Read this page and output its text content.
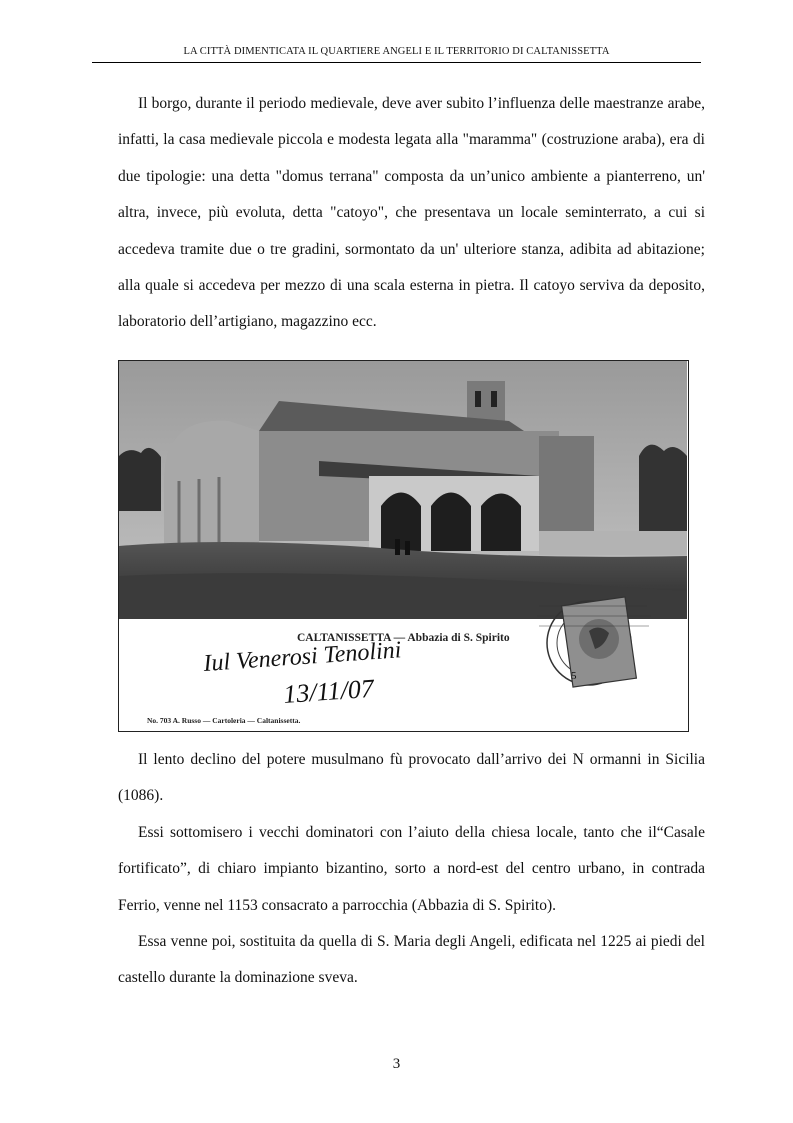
LA CITTÀ DIMENTICATA IL QUARTIERE ANGELI E IL TERRITORIO DI CALTANISSETTA

Il borgo, durante il periodo medievale, deve aver subito l’influenza delle maestranze arabe, infatti, la casa medievale piccola e modesta legata alla "maramma" (costruzione araba), era di due tipologie: una detta "domus terrana" composta da un’unico ambiente a pianterreno, un' altra, invece, più evoluta, detta "catoyo", che presentava un locale seminterrato, a cui si accedeva tramite due o tre gradini, sormontato da un' ulteriore stanza, adibita ad abitazione; alla quale si accedeva per mezzo di una scala esterna in pietra. Il catoyo serviva da deposito, laboratorio dell’artigiano, magazzino ecc.

CALTANISSETTA — Abbazia di S. Spirito
Iul Venerosi Tenolini
13/11/07
No. 703 A. Russo — Cartoleria — Caltanissetta.
5

Il lento declino del potere musulmano fù provocato dall’arrivo dei N ormanni in Sicilia (1086).

Essi sottomisero i vecchi dominatori con l’aiuto della chiesa locale, tanto che il“Casale fortificato”, di chiaro impianto bizantino, sorto a nord-est del centro urbano, in contrada Ferrio, venne nel 1153 consacrato a parrocchia (Abbazia di S. Spirito).

Essa venne poi, sostituita da quella di S. Maria degli Angeli, edificata nel 1225 ai piedi del castello durante la dominazione sveva.

3
